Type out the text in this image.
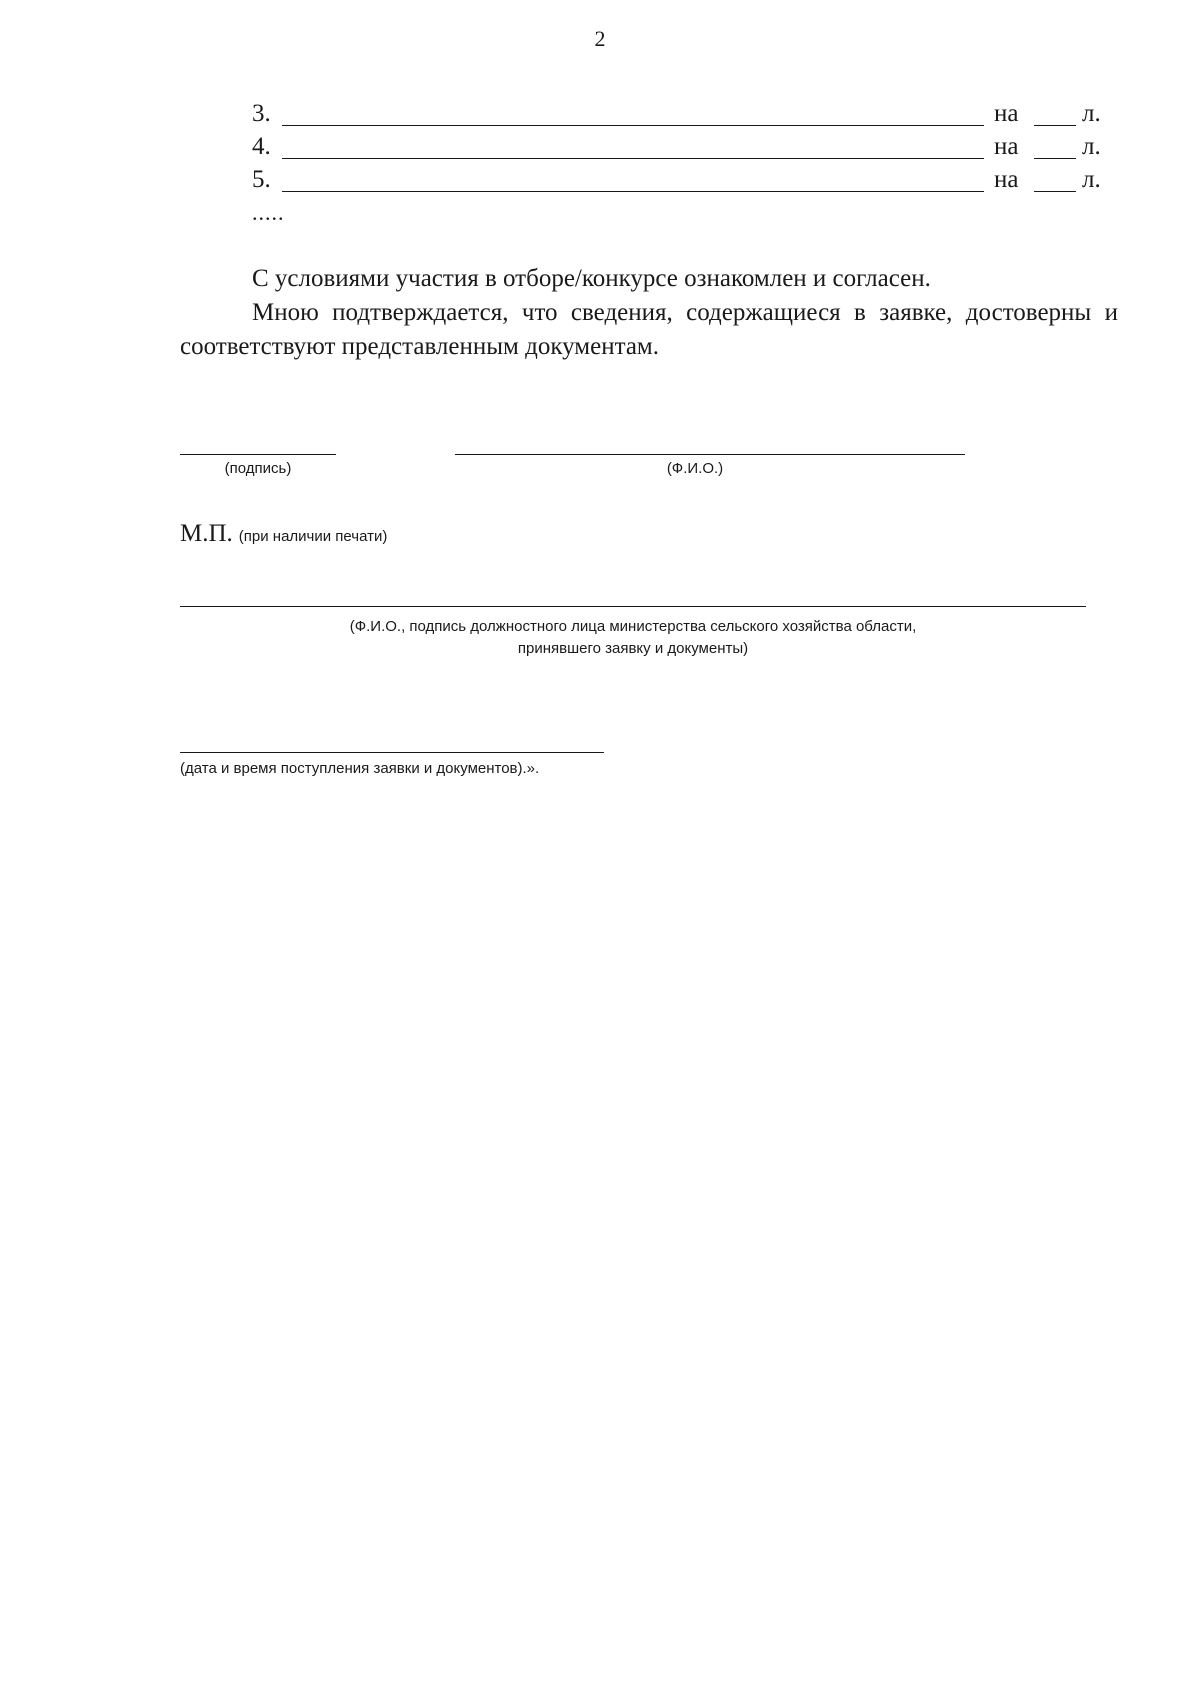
2
3.	на	л.
4.	на	л.
5.	на	л.
.....
С условиями участия в отборе/конкурсе ознакомлен и согласен.
Мною подтверждается, что сведения, содержащиеся в заявке, достоверны и соответствуют представленным документам.
(подпись)	(Ф.И.О.)
М.П. (при наличии печати)
(Ф.И.О., подпись должностного лица министерства сельского хозяйства области,
принявшего заявку и документы)
(дата и время поступления заявки и документов).».
